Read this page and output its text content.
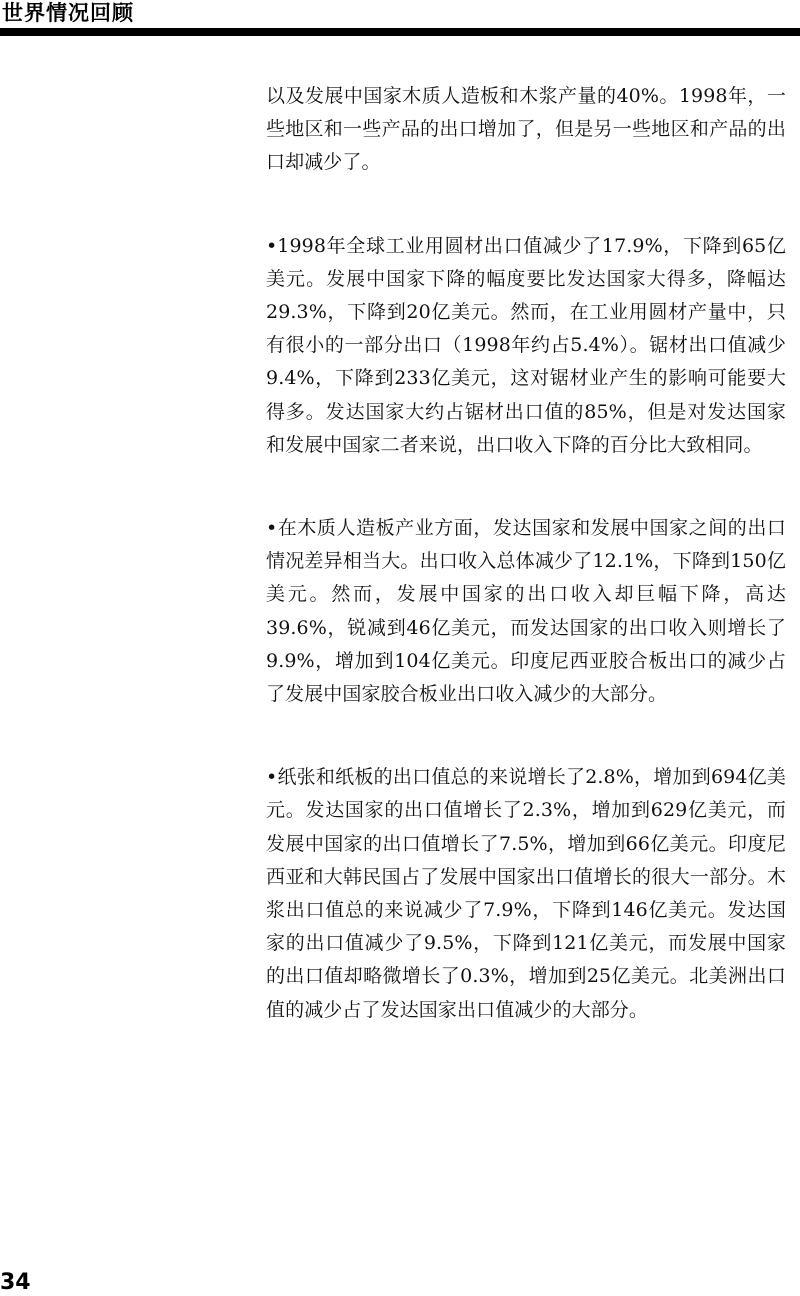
世界情况回顾

以及发展中国家木质人造板和木浆产量的40%。1998年，一些地区和一些产品的出口增加了，但是另一些地区和产品的出口却减少了。

•1998年全球工业用圆材出口值减少了17.9%，下降到65亿美元。发展中国家下降的幅度要比发达国家大得多，降幅达29.3%，下降到20亿美元。然而，在工业用圆材产量中，只有很小的一部分出口（1998年约占5.4%）。锯材出口值减少9.4%，下降到233亿美元，这对锯材业产生的影响可能要大得多。发达国家大约占锯材出口值的85%，但是对发达国家和发展中国家二者来说，出口收入下降的百分比大致相同。

•在木质人造板产业方面，发达国家和发展中国家之间的出口情况差异相当大。出口收入总体减少了12.1%，下降到150亿美元。然而，发展中国家的出口收入却巨幅下降，高达39.6%，锐减到46亿美元，而发达国家的出口收入则增长了9.9%，增加到104亿美元。印度尼西亚胶合板出口的减少占了发展中国家胶合板业出口收入减少的大部分。

•纸张和纸板的出口值总的来说增长了2.8%，增加到694亿美元。发达国家的出口值增长了2.3%，增加到629亿美元，而发展中国家的出口值增长了7.5%，增加到66亿美元。印度尼西亚和大韩民国占了发展中国家出口值增长的很大一部分。木浆出口值总的来说减少了7.9%，下降到146亿美元。发达国家的出口值减少了9.5%，下降到121亿美元，而发展中国家的出口值却略微增长了0.3%，增加到25亿美元。北美洲出口值的减少占了发达国家出口值减少的大部分。

34
